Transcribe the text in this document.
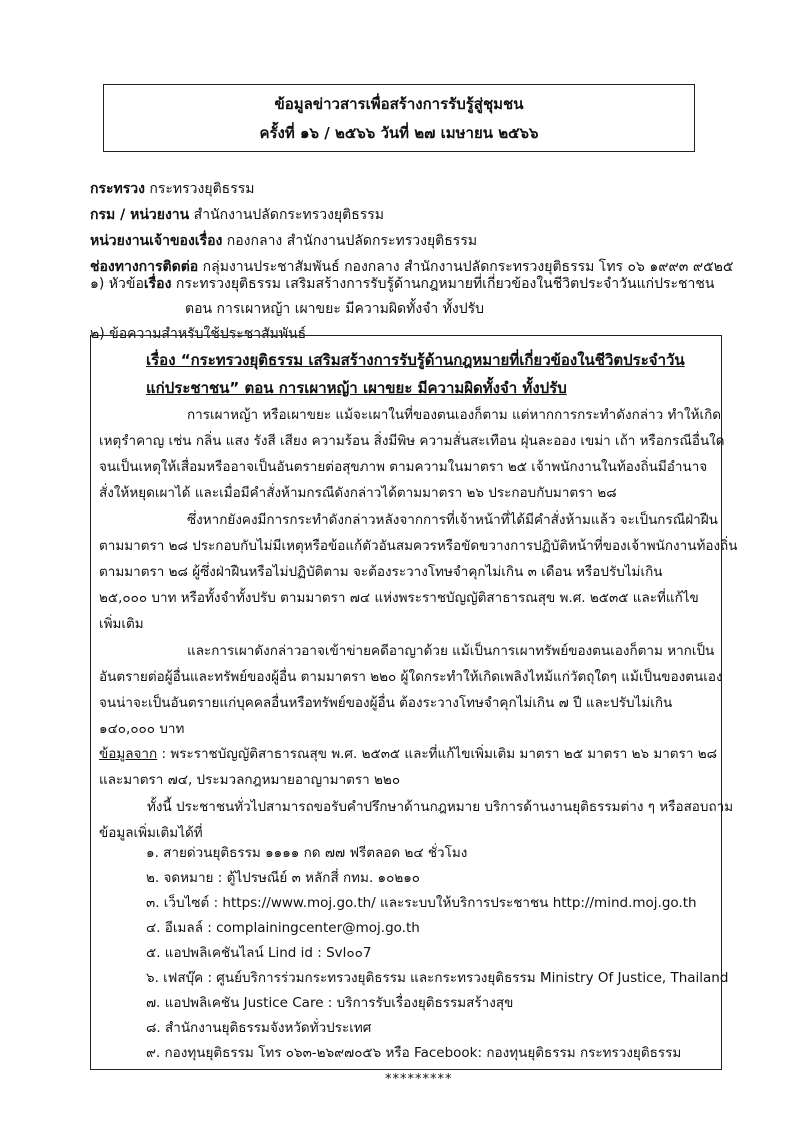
ข้อมูลข่าวสารเพื่อสร้างการรับรู้สู่ชุมชน
ครั้งที่ ๑๖ / ๒๕๖๖ วันที่ ๒๗ เมษายน ๒๕๖๖
กระทรวง กระทรวงยุติธรรม
กรม / หน่วยงาน สำนักงานปลัดกระทรวงยุติธรรม
หน่วยงานเจ้าของเรื่อง กองกลาง สำนักงานปลัดกระทรวงยุติธรรม
ช่องทางการติดต่อ กลุ่มงานประชาสัมพันธ์ กองกลาง สำนักงานปลัดกระทรวงยุติธรรม โทร ๐๖ ๑๙๙๓ ๙๕๒๕
๑) หัวข้อเรื่อง กระทรวงยุติธรรม เสริมสร้างการรับรู้ด้านกฎหมายที่เกี่ยวข้องในชีวิตประจำวันแก่ประชาชน
ตอน การเผาหญ้า เผาขยะ มีความผิดทั้งจำ ทั้งปรับ
๒) ข้อความสำหรับใช้ประชาสัมพันธ์
เรื่อง “กระทรวงยุติธรรม เสริมสร้างการรับรู้ด้านกฎหมายที่เกี่ยวข้องในชีวิตประจำวัน
แก่ประชาชน” ตอน การเผาหญ้า เผาขยะ มีความผิดทั้งจำ ทั้งปรับ
การเผาหญ้า หรือเผาขยะ แม้จะเผาในที่ของตนเองก็ตาม แต่หากการกระทำดังกล่าว ทำให้เกิด
เหตุรำคาญ เช่น กลิ่น แสง รังสี เสียง ความร้อน สิ่งมีพิษ ความสั่นสะเทือน ฝุ่นละออง เขม่า เถ้า หรือกรณีอื่นใด
จนเป็นเหตุให้เสื่อมหรืออาจเป็นอันตรายต่อสุขภาพ ตามความในมาตรา ๒๕ เจ้าพนักงานในท้องถิ่นมีอำนาจ
สั่งให้หยุดเผาได้ และเมื่อมีคำสั่งห้ามกรณีดังกล่าวได้ตามมาตรา ๒๖ ประกอบกับมาตรา ๒๘
ซึ่งหากยังคงมีการกระทำดังกล่าวหลังจากการที่เจ้าหน้าที่ได้มีคำสั่งห้ามแล้ว จะเป็นกรณีฝ่าฝืน
ตามมาตรา ๒๘ ประกอบกับไม่มีเหตุหรือข้อแก้ตัวอันสมควรหรือขัดขวางการปฏิบัติหน้าที่ของเจ้าพนักงานท้องถิ่น
ตามมาตรา ๒๘ ผู้ซึ่งฝ่าฝืนหรือไม่ปฏิบัติตาม จะต้องระวางโทษจำคุกไม่เกิน ๓ เดือน หรือปรับไม่เกิน
๒๕,๐๐๐ บาท หรือทั้งจำทั้งปรับ ตามมาตรา ๗๔ แห่งพระราชบัญญัติสาธารณสุข พ.ศ. ๒๕๓๕ และที่แก้ไข
เพิ่มเติม
และการเผาดังกล่าวอาจเข้าข่ายคดีอาญาด้วย แม้เป็นการเผาทรัพย์ของตนเองก็ตาม หากเป็น
อันตรายต่อผู้อื่นและทรัพย์ของผู้อื่น ตามมาตรา ๒๒๐ ผู้ใดกระทำให้เกิดเพลิงไหม้แก่วัตถุใดๆ แม้เป็นของตนเอง
จนน่าจะเป็นอันตรายแก่บุคคลอื่นหรือทรัพย์ของผู้อื่น ต้องระวางโทษจำคุกไม่เกิน ๗ ปี และปรับไม่เกิน
๑๔๐,๐๐๐ บาท
ข้อมูลจาก : พระราชบัญญัติสาธารณสุข พ.ศ. ๒๕๓๕ และที่แก้ไขเพิ่มเติม มาตรา ๒๕ มาตรา ๒๖ มาตรา ๒๘
และมาตรา ๗๔, ประมวลกฎหมายอาญามาตรา ๒๒๐
ทั้งนี้ ประชาชนทั่วไปสามารถขอรับคำปรึกษาด้านกฎหมาย บริการด้านงานยุติธรรมต่าง ๆ หรือสอบถาม
ข้อมูลเพิ่มเติมได้ที่
๑. สายด่วนยุติธรรม ๑๑๑๑ กด ๗๗ ฟรีตลอด ๒๔ ชั่วโมง
๒. จดหมาย : ตู้ไปรษณีย์ ๓ หลักสี่ กทม. ๑๐๒๑๐
๓. เว็บไซต์ : https://www.moj.go.th/ และระบบให้บริการประชาชน http://mind.moj.go.th
๔. อีเมลล์ : complainingcenter@moj.go.th
๕. แอปพลิเคชันไลน์ Lind id : Svl๐๐7
๖. เฟสบุ๊ค : ศูนย์บริการร่วมกระทรวงยุติธรรม และกระทรวงยุติธรรม Ministry Of Justice, Thailand
๗. แอปพลิเคชัน Justice Care : บริการรับเรื่องยุติธรรมสร้างสุข
๘. สำนักงานยุติธรรมจังหวัดทั่วประเทศ
๙. กองทุนยุติธรรม โทร ๐๖๓-๒๖๙๗๐๕๖ หรือ Facebook: กองทุนยุติธรรม กระทรวงยุติธรรม
*********
